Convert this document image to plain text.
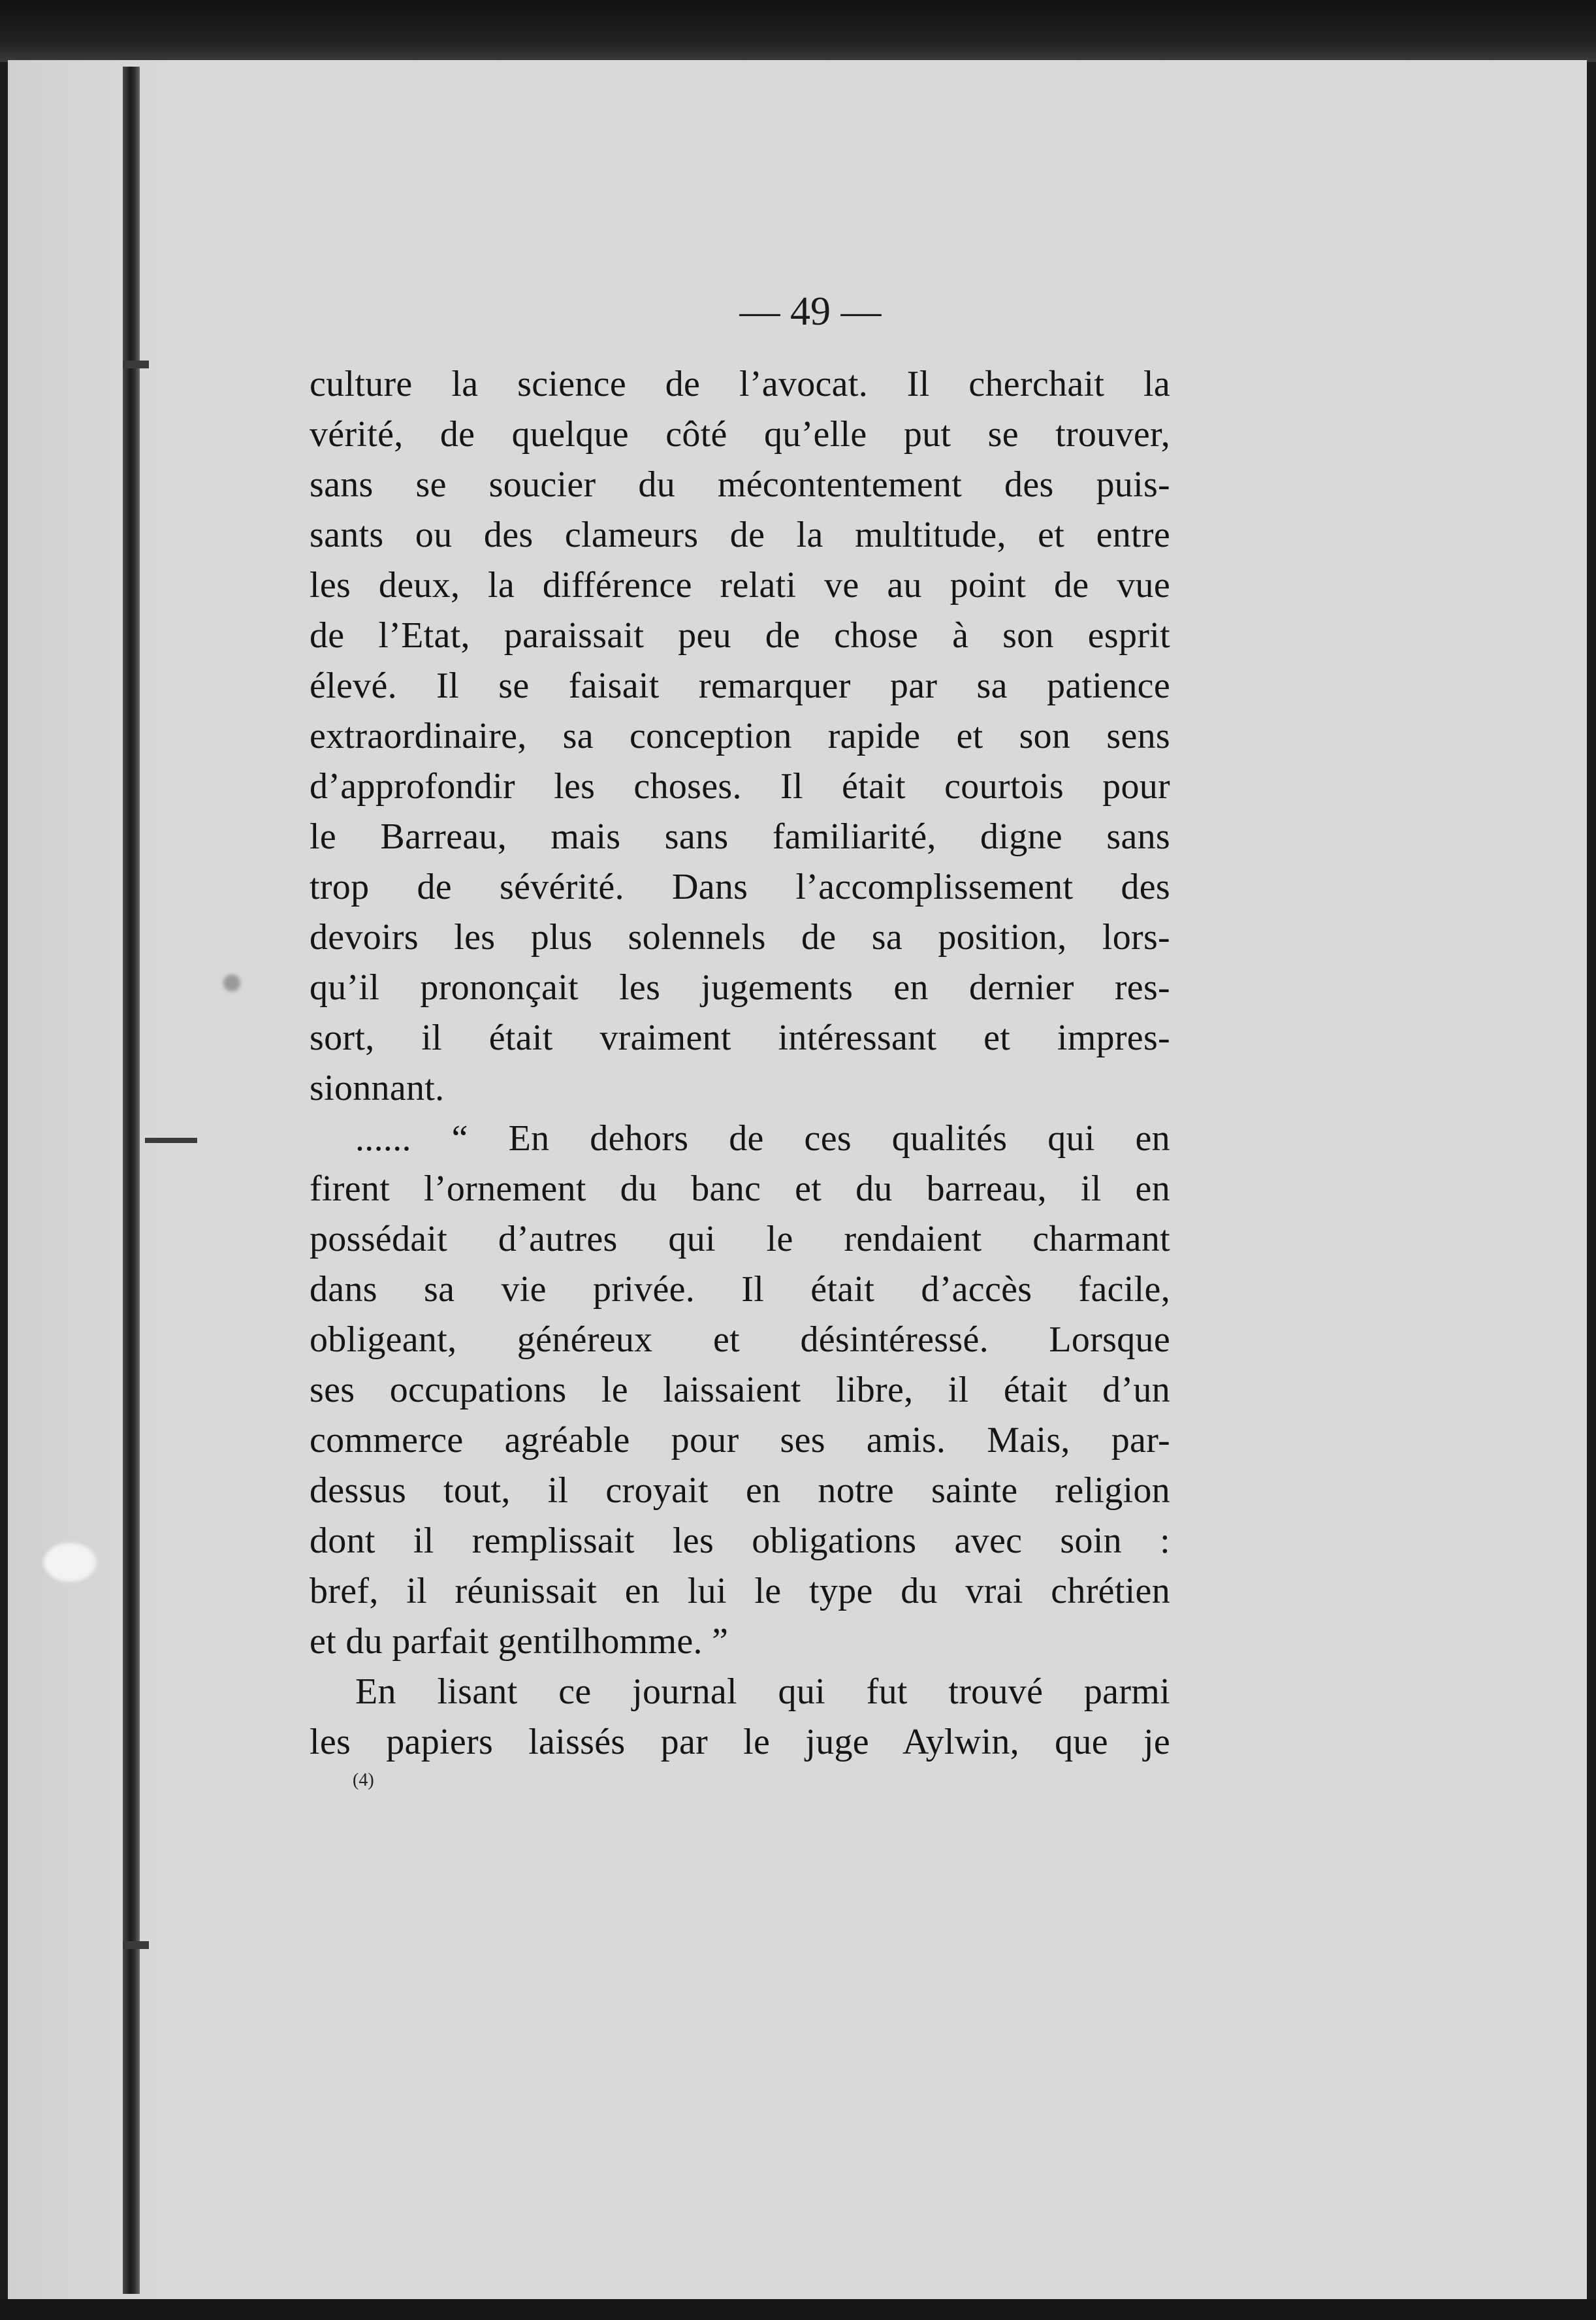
— 49 —
culture la science de l’avocat. Il cherchait la
vérité, de quelque côté qu’elle put se trouver,
sans se soucier du mécontentement des puis-
sants ou des clameurs de la multitude, et entre
les deux, la différence relati ve au point de vue
de l’Etat, paraissait peu de chose à son esprit
élevé. Il se faisait remarquer par sa patience
extraordinaire, sa conception rapide et son sens
d’approfondir les choses. Il était courtois pour
le Barreau, mais sans familiarité, digne sans
trop de sévérité. Dans l’accomplissement des
devoirs les plus solennels de sa position, lors-
qu’il prononçait les jugements en dernier res-
sort, il était vraiment intéressant et impres-
sionnant.
...... “ En dehors de ces qualités qui en
firent l’ornement du banc et du barreau, il en
possédait d’autres qui le rendaient charmant
dans sa vie privée. Il était d’accès facile,
obligeant, généreux et désintéressé. Lorsque
ses occupations le laissaient libre, il était d’un
commerce agréable pour ses amis. Mais, par-
dessus tout, il croyait en notre sainte religion
dont il remplissait les obligations avec soin :
bref, il réunissait en lui le type du vrai chrétien
et du parfait gentilhomme. ”
En lisant ce journal qui fut trouvé parmi
les papiers laissés par le juge Aylwin, que je
(4)
